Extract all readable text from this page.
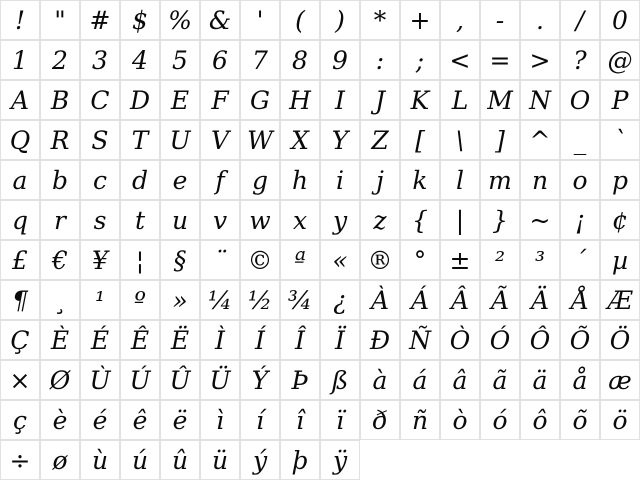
!	" # $ % &	'	(	)	* +	,	-	.	/	0
1 2 3 4 5 6 7 8 9	:	;	< = > ? @
A B C D E F G H I	J	K L M N O P
Q R S T U V W X Y Z	[	\	] ^ _	`
a b c d e	f	g h	i	j	k	l m n o p
q	r	s	t	u v w x	y	z	{	|	} ~ ¡	¢
£ € ¥	¦	§	¨ © ª	« ® ° ± ²	³	´	µ
¶	¸	¹	º	» ¼ ½ ¾ ¿ À Á Â Ã Ä Å Æ
Ç È É Ê Ë	Ì	Í	Î	Ï Ð Ñ Ò Ó Ô Õ Ö
× Ø Ù Ú Û Ü Ý Þ ß à	á	â	ã	ä	å æ
ç	è	é	ê	ë	ì	í	î	ï	ð ñ ò ó ô õ ö
÷ ø ù ú û ü ý þ ÿ
